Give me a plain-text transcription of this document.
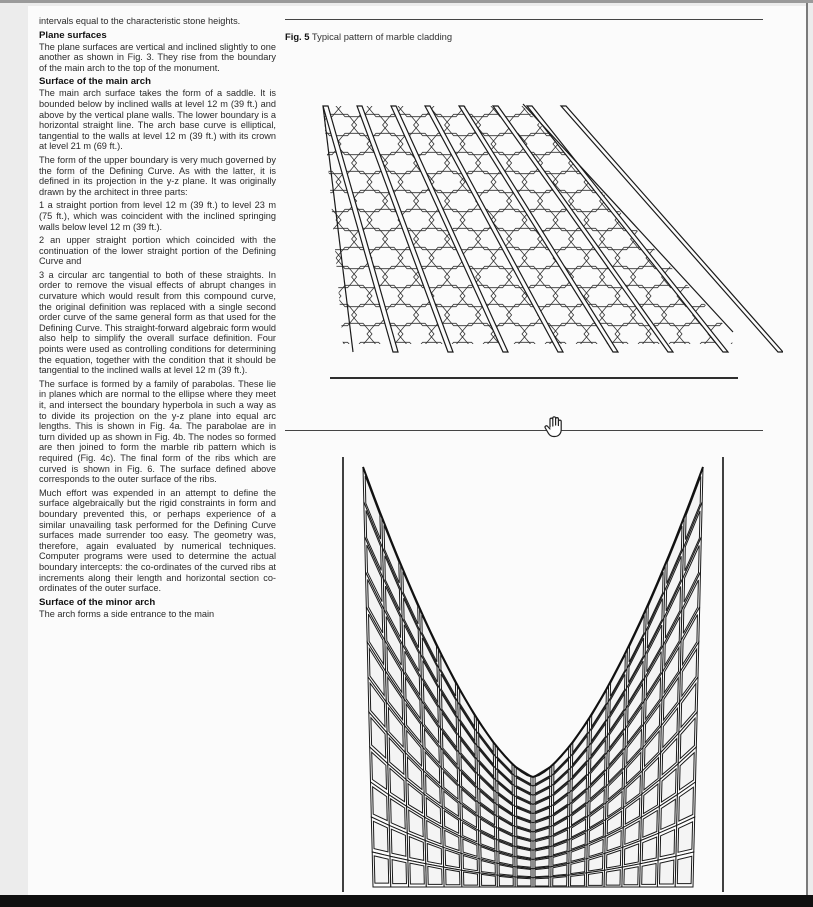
intervals equal to the characteristic stone heights.

Plane surfaces

The plane surfaces are vertical and inclined slightly to one another as shown in Fig. 3. They rise from the boundary of the main arch to the top of the monument.

Surface of the main arch

The main arch surface takes the form of a saddle. It is bounded below by inclined walls at level 12 m (39 ft.) and above by the vertical plane walls. The lower boundary is a horizontal straight line. The arch base curve is elliptical, tangential to the walls at level 12 m (39 ft.) with its crown at level 21 m (69 ft.).

The form of the upper boundary is very much governed by the form of the Defining Curve. As with the latter, it is defined in its projection in the y-z plane. It was originally drawn by the architect in three parts:

1 a straight portion from level 12 m (39 ft.) to level 23 m (75 ft.), which was coincident with the inclined springing walls below level 12 m (39 ft.).

2 an upper straight portion which coincided with the continuation of the lower straight portion of the Defining Curve and

3 a circular arc tangential to both of these straights. In order to remove the visual effects of abrupt changes in curvature which would result from this compound curve, the original definition was replaced with a single second order curve of the same general form as that used for the Defining Curve. This straight-forward algebraic form would also help to simplify the overall surface definition. Four points were used as controlling conditions for determining the equation, together with the condition that it should be tangential to the inclined walls at level 12 m (39 ft.).

The surface is formed by a family of parabolas. These lie in planes which are normal to the ellipse where they meet it, and intersect the boundary hyperbola in such a way as to divide its projection on the y-z plane into equal arc lengths. This is shown in Fig. 4a. The parabolae are in turn divided up as shown in Fig. 4b. The nodes so formed are then joined to form the marble rib pattern which is required (Fig. 4c). The final form of the ribs which are curved is shown in Fig. 6. The surface defined above corresponds to the outer surface of the ribs.

Much effort was expended in an attempt to define the surface algebraically but the rigid constraints in form and boundary prevented this, or perhaps experience of a similar unavailing task performed for the Defining Curve surfaces made surrender too easy. The geometry was, therefore, again evaluated by numerical techniques. Computer programs were used to determine the actual boundary intercepts: the co-ordinates of the curved ribs at increments along their length and horizontal section co-ordinates of the outer surface.

Surface of the minor arch

The arch forms a side entrance to the main

Fig. 5 Typical pattern of marble cladding
